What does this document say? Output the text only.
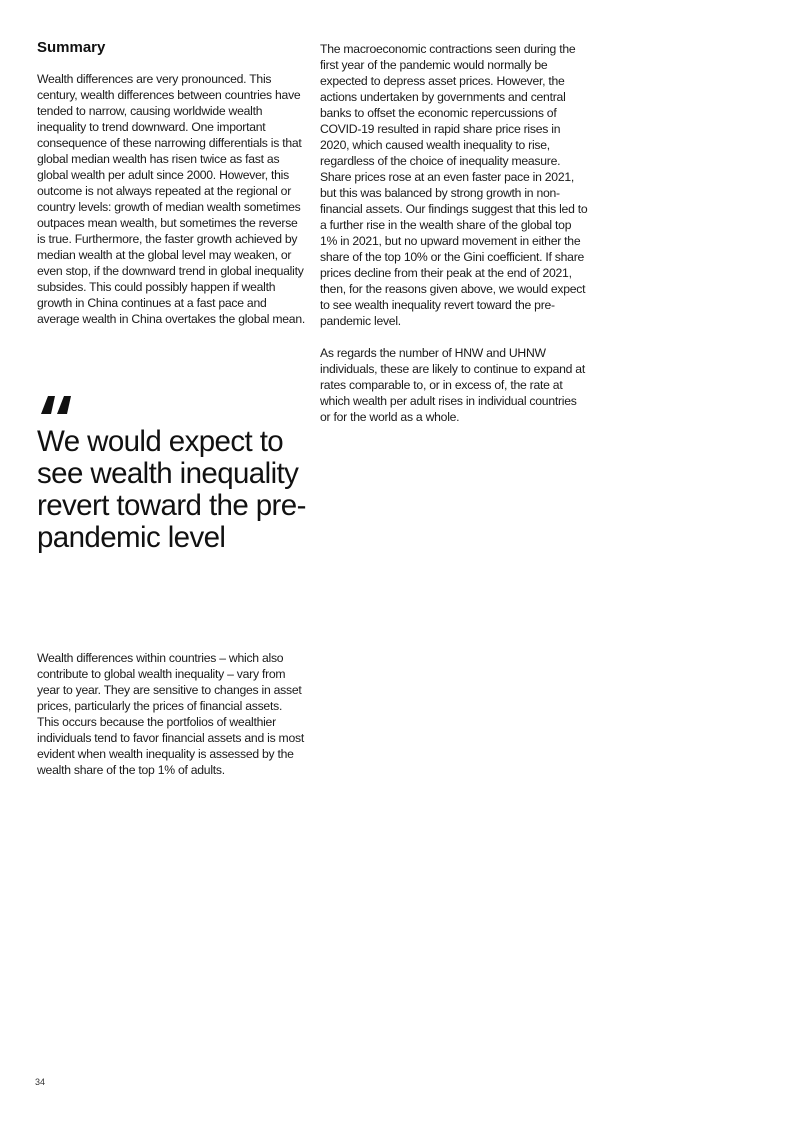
Summary

Wealth differences are very pronounced. This century, wealth differences between countries have tended to narrow, causing worldwide wealth inequality to trend downward. One important consequence of these narrowing differentials is that global median wealth has risen twice as fast as global wealth per adult since 2000. However, this outcome is not always repeated at the regional or country levels: growth of median wealth sometimes outpaces mean wealth, but sometimes the reverse is true. Furthermore, the faster growth achieved by median wealth at the global level may weaken, or even stop, if the downward trend in global inequality subsides. This could possibly happen if wealth growth in China continues at a fast pace and average wealth in China overtakes the global mean.

We would expect to see wealth inequality revert toward the pre-pandemic level

Wealth differences within countries – which also contribute to global wealth inequality – vary from year to year. They are sensitive to changes in asset prices, particularly the prices of financial assets. This occurs because the portfolios of wealthier individuals tend to favor financial assets and is most evident when wealth inequality is assessed by the wealth share of the top 1% of adults.

The macroeconomic contractions seen during the first year of the pandemic would normally be expected to depress asset prices. However, the actions undertaken by governments and central banks to offset the economic repercussions of COVID-19 resulted in rapid share price rises in 2020, which caused wealth inequality to rise, regardless of the choice of inequality measure. Share prices rose at an even faster pace in 2021, but this was balanced by strong growth in non-financial assets. Our findings suggest that this led to a further rise in the wealth share of the global top 1% in 2021, but no upward movement in either the share of the top 10% or the Gini coefficient. If share prices decline from their peak at the end of 2021, then, for the reasons given above, we would expect to see wealth inequality revert toward the pre-pandemic level.

As regards the number of HNW and UHNW individuals, these are likely to continue to expand at rates comparable to, or in excess of, the rate at which wealth per adult rises in individual countries or for the world as a whole.

34
